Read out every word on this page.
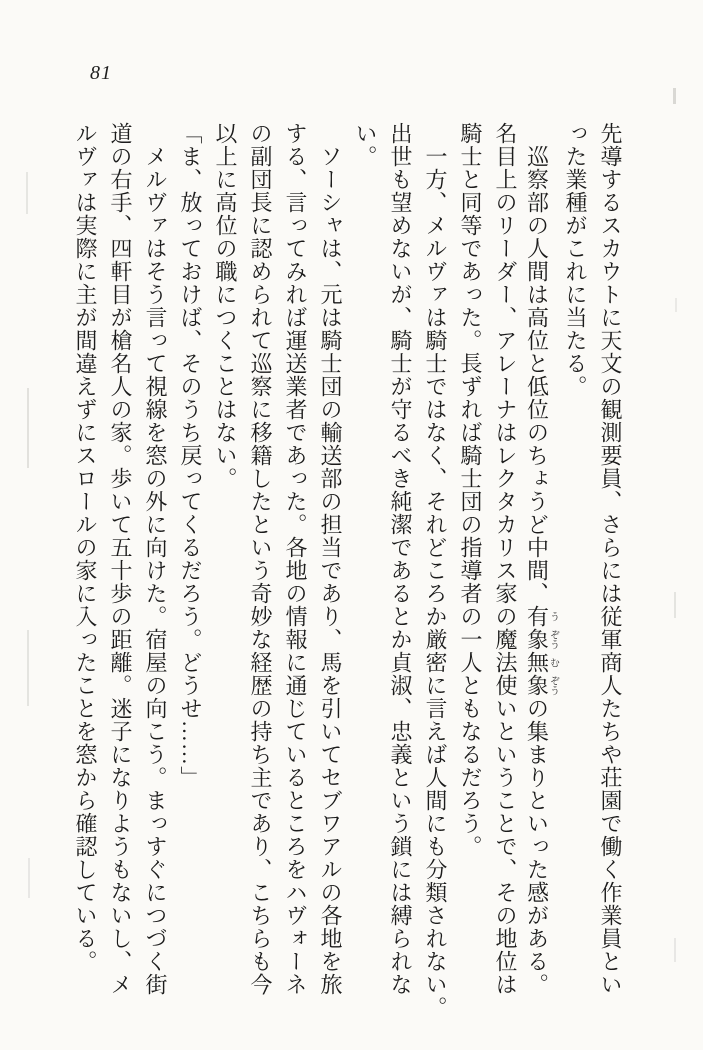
81
先導するスカウトに天文の観測要員、さらには従軍商人たちや荘園で働く作業員とい
った業種がこれに当たる。
巡察部の人間は高位と低位のちょうど中間、有う象ぞう無む象ぞうの集まりといった感がある。
名目上のリーダー、アレーナはレクタカリス家の魔法使いということで、その地位は
騎士と同等であった。長ずれば騎士団の指導者の一人ともなるだろう。
一方、メルヴァは騎士ではなく、それどころか厳密に言えば人間にも分類されない。
出世も望めないが、騎士が守るべき純潔であるとか貞淑、忠義という鎖には縛られな
い。
ソーシャは、元は騎士団の輸送部の担当であり、馬を引いてセブワアルの各地を旅
する、言ってみれば運送業者であった。各地の情報に通じているところをハヴォーネ
の副団長に認められて巡察に移籍したという奇妙な経歴の持ち主であり、こちらも今
以上に高位の職につくことはない。
「ま、放っておけば、そのうち戻ってくるだろう。どうせ……」
メルヴァはそう言って視線を窓の外に向けた。宿屋の向こう。まっすぐにつづく街
道の右手、四軒目が槍名人の家。歩いて五十歩の距離。迷子になりようもないし、メ
ルヴァは実際に主が間違えずにスロールの家に入ったことを窓から確認している。
